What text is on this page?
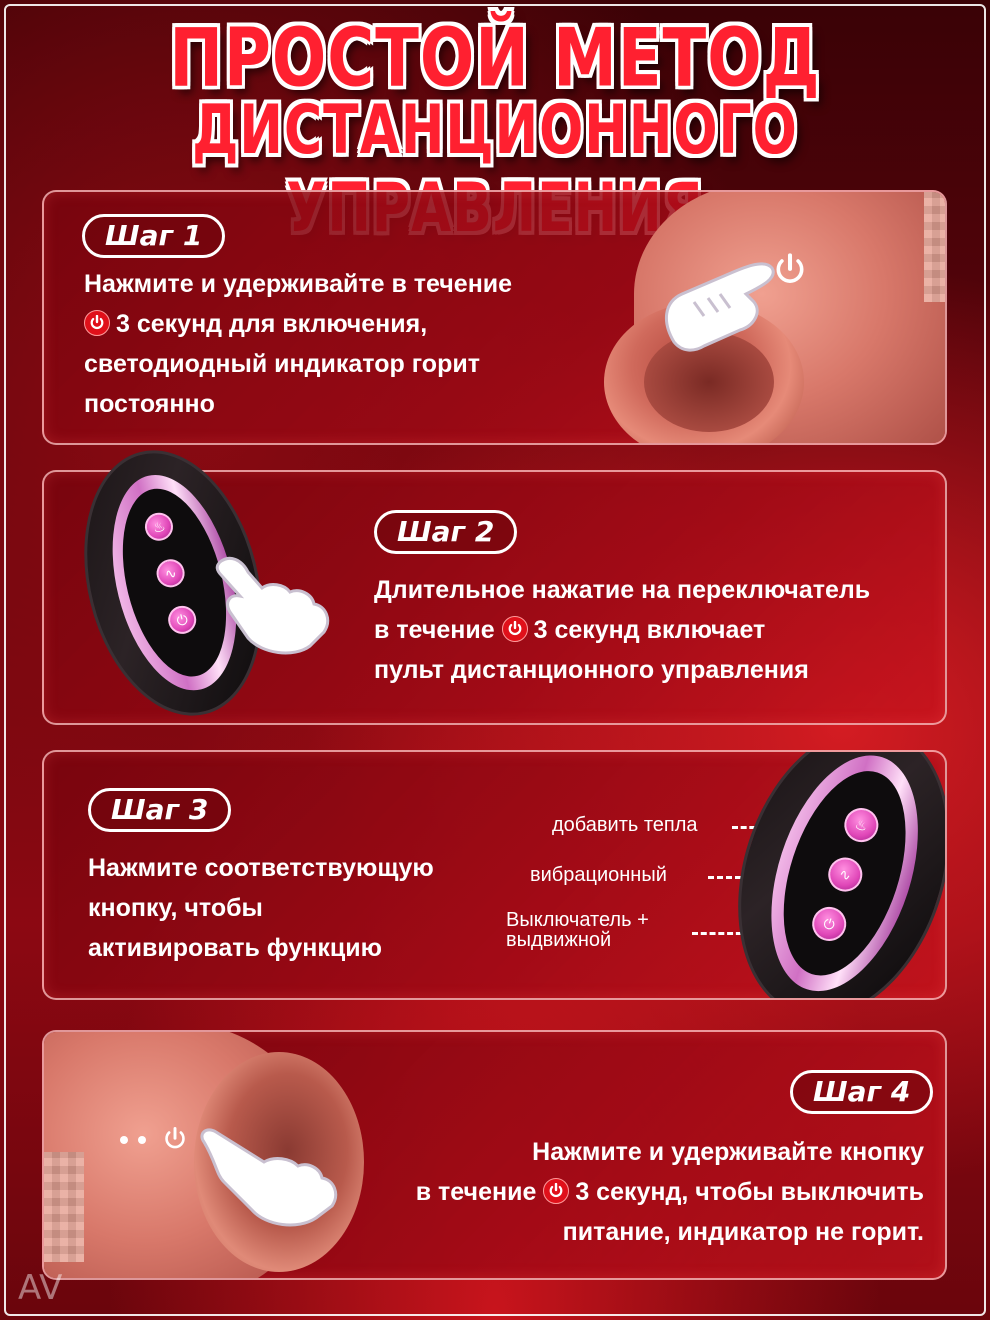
ПРОСТОЙ МЕТОД
ДИСТАНЦИОННОГО
Шаг 1
Нажмите и удерживайте в течение
3 секунд для включения,
светодиодный индикатор горит
постоянно
Шаг 2
Длительное нажатие на переключатель
в течение 3 секунд включает
пульт дистанционного управления
♨
∿
⏻
Шаг 3
Нажмите соответствующую
кнопку, чтобы
активировать функцию
добавить тепла
вибрационный
Выключатель +
выдвижной
♨
∿
⏻
Шаг 4
Нажмите и удерживайте кнопку
в течение 3 секунд, чтобы выключить
питание, индикатор не горит.
AV
